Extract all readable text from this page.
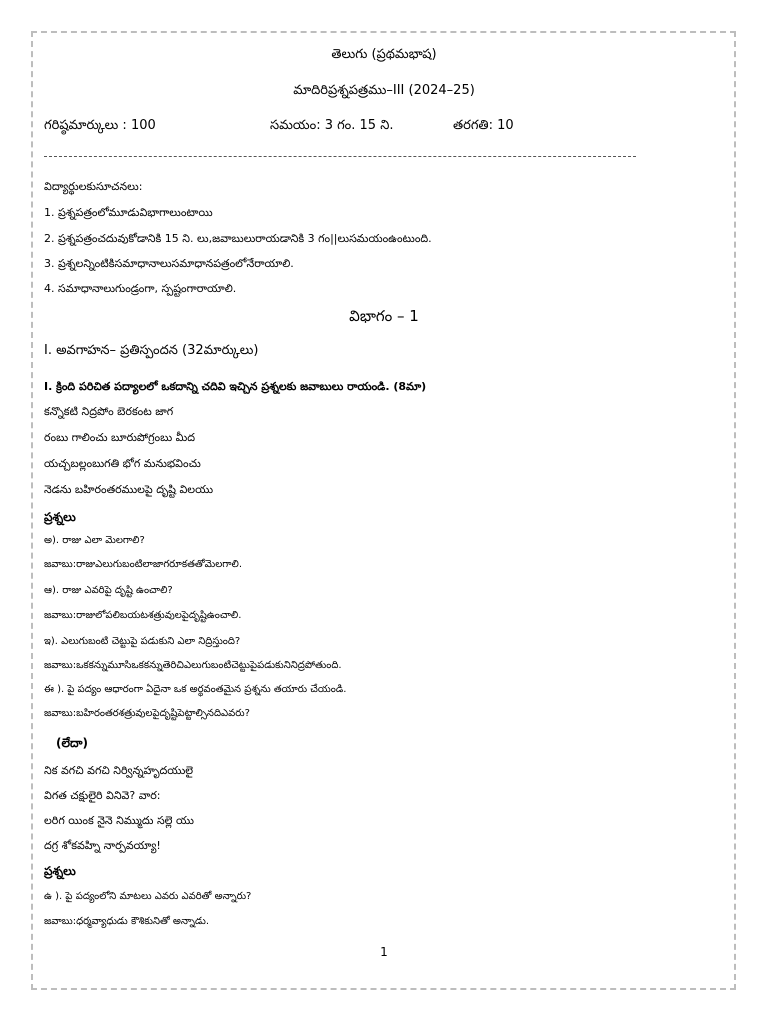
తెలుగు (ప్రథమభాష)
మాదిరిప్రశ్నపత్రము–III (2024–25)
గరిష్ఠమార్కులు : 100	సమయం: 3 గం. 15 ని.	తరగతి: 10
విద్యార్థులకుసూచనలు:
1. ప్రశ్నపత్రంలోమూడువిభాగాలుంటాయి
2. ప్రశ్నపత్రంచదువుకోడానికి 15 ని. లు,జవాబులురాయడానికి 3 గం||లుసమయంఉంటుంది.
3. ప్రశ్నలన్నింటికిసమాధానాలుసమాధానపత్రంలోనేరాయాలి.
4. సమాధానాలుగుండ్రంగా, స్పష్టంగారాయాలి.
విభాగం – 1
I. అవగాహన– ప్రతిస్పందన (32మార్కులు)
I. క్రింది పరిచిత పద్యాలలో ఒకదాన్ని చదివి ఇచ్చిన ప్రశ్నలకు జవాబులు రాయండి. (8మా)
కన్నొకటి నిద్రపోం బెరకంట జాగ
రంబు గాలించు బూరుపోగ్రంబు మీద
యచ్చబల్లంబుగతి భోగ మనుభవించు
నెడను బహిరంతరములపై దృష్టి విలయు
ప్రశ్నలు
అ). రాజు ఎలా మెలగాలి?
జవాబు:రాజుఎలుగుబంటిలాజాగరూకతతోమెలగాలి.
ఆ). రాజు ఎవరిపై దృష్టి ఉంచాలి?
జవాబు:రాజులోపలిబయటశత్రువులపైదృష్టిఉంచాలి.
ఇ). ఎలుగుబంటి చెట్టుపై పడుకుని ఎలా నిద్రిస్తుంది?
జవాబు:ఒకకన్నుమూసిఒకకన్నుతెరిచిఎలుగుబంటిచెట్టుపైపడుకునినిద్రపోతుంది.
ఈ ). పై పద్యం ఆధారంగా ఏదైనా ఒక అర్థవంతమైన ప్రశ్నను తయారు చేయండి.
జవాబు:బహిరంతరశత్రువులపైదృష్టిపెట్టాల్సినదిఎవరు?
(లేదా)
నిక వగచి వగచి నిర్విన్నహృదయులై
విగత చక్షులైరి వినివె? వార:
లరిగ యింక నైనె నిమ్ముదు సల్లె యు
దగ్ర శోకవహ్ని నార్పవయ్యా!
ప్రశ్నలు
ఉ ). పై పద్యంలోని మాటలు ఎవరు ఎవరితో అన్నారు?
జవాబు:ధర్మవ్యాధుడు కౌశికునితో అన్నాడు.
1
